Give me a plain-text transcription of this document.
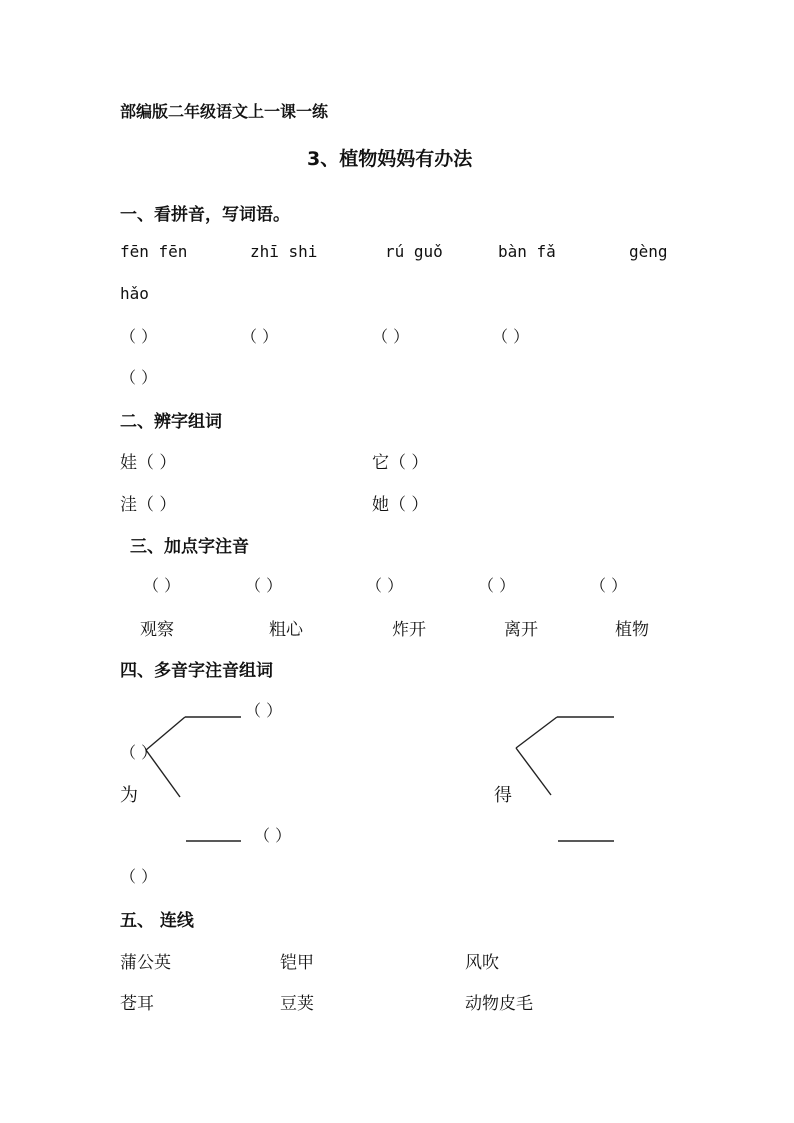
部编版二年级语文上一课一练
3、植物妈妈有办法
一、看拼音，写词语。
fēn fēn	zhī shi	rú guǒ	bàn fǎ	gèng
hǎo
（ ）	（ ）	（ ）	（ ）
（ ）
二、辨字组词
娃（ ）	它（ ）
洼（ ）	她（ ）
三、加点字注音
（ ）	（ ）	（ ）	（ ）	（ ）
观察	粗心	炸开	离开	植物
四、多音字注音组词
（ ）
（ ）
为	得
（ ）
（ ）
五、 连线
蒲公英	铠甲	风吹
苍耳	豆荚	动物皮毛
